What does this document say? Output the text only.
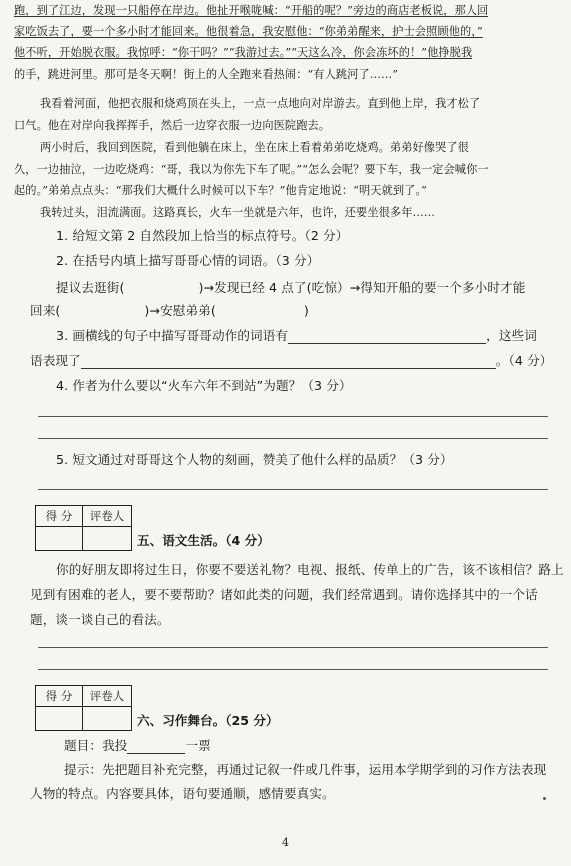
跑，到了江边，发现一只船停在岸边。他扯开喉咙喊：“开船的呢？”旁边的商店老板说，那人回
家吃饭去了，要一个多小时才能回来。他很着急，我安慰他：“你弟弟醒来，护士会照顾他的，”
他不听，开始脱衣服。我惊呼：“你干吗？”“我游过去。”“天这么冷，你会冻坏的！”他挣脱我
的手，跳进河里。那可是冬天啊！街上的人全跑来看热闹：“有人跳河了……”
我看着河面，他把衣服和烧鸡顶在头上，一点一点地向对岸游去。直到他上岸，我才松了
口气。他在对岸向我挥挥手，然后一边穿衣服一边向医院跑去。
两小时后，我回到医院，看到他躺在床上，坐在床上看着弟弟吃烧鸡。弟弟好像哭了很
久，一边抽泣，一边吃烧鸡：“哥，我以为你先下车了呢。”“怎么会呢？要下车，我一定会喊你一
起的。”弟弟点点头：“那我们大概什么时候可以下车？”他肯定地说：“明天就到了。”
我转过头，泪流满面。这路真长，火车一坐就是六年，也许，还要坐很多年……
1. 给短文第 2 自然段加上恰当的标点符号。（2 分）
2. 在括号内填上描写哥哥心情的词语。（3 分）
提议去逛街(	)→发现已经 4 点了(吃惊）→得知开船的要一个多小时才能
回来(	)→安慰弟弟(	)
3. 画横线的句子中描写哥哥动作的词语有	，这些词
语表现了	。（4 分）
4. 作者为什么要以“火车六年不到站”为题？（3 分）
5. 短文通过对哥哥这个人物的刻画，赞美了他什么样的品质？（3 分）
得 分	评卷人

五、语文生活。（4 分）
你的好朋友即将过生日，你要不要送礼物？电视、报纸、传单上的广告，该不该相信？路上
见到有困难的老人，要不要帮助？诸如此类的问题，我们经常遇到。请你选择其中的一个话
题，谈一谈自己的看法。
得 分	评卷人

六、习作舞台。（25 分）
题目：我投	一票
提示：先把题目补充完整，再通过记叙一件或几件事，运用本学期学到的习作方法表现
人物的特点。内容要具体，语句要通顺，感情要真实。
4
